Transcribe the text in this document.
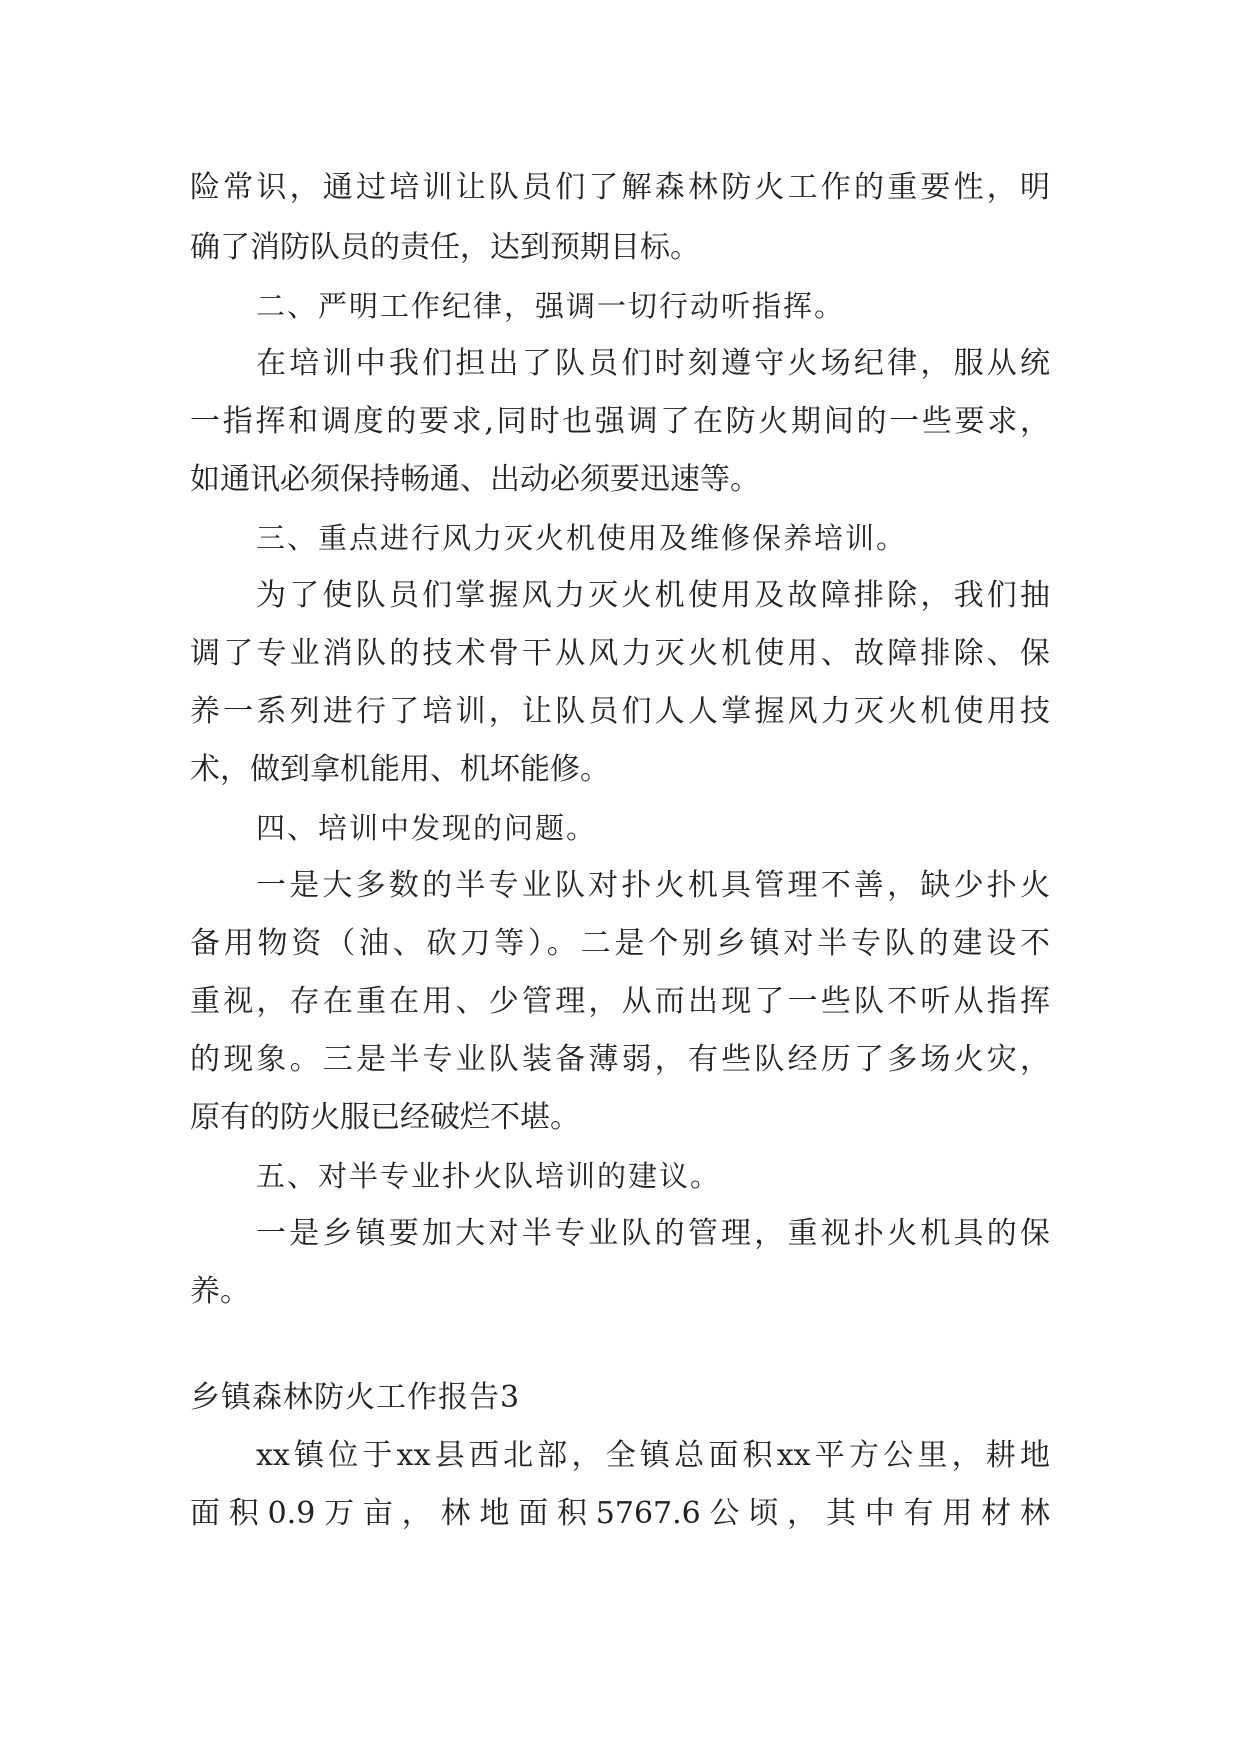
险常识，通过培训让队员们了解森林防火工作的重要性，明
确了消防队员的责任，达到预期目标。
二、严明工作纪律，强调一切行动听指挥。
在培训中我们担出了队员们时刻遵守火场纪律，服从统
一指挥和调度的要求,同时也强调了在防火期间的一些要求，
如通讯必须保持畅通、出动必须要迅速等。
三、重点进行风力灭火机使用及维修保养培训。
为了使队员们掌握风力灭火机使用及故障排除，我们抽
调了专业消队的技术骨干从风力灭火机使用、故障排除、保
养一系列进行了培训，让队员们人人掌握风力灭火机使用技
术，做到拿机能用、机坏能修。
四、培训中发现的问题。
一是大多数的半专业队对扑火机具管理不善，缺少扑火
备用物资（油、砍刀等）。二是个别乡镇对半专队的建设不
重视，存在重在用、少管理，从而出现了一些队不听从指挥
的现象。三是半专业队装备薄弱，有些队经历了多场火灾，
原有的防火服已经破烂不堪。
五、对半专业扑火队培训的建议。
一是乡镇要加大对半专业队的管理，重视扑火机具的保
养。
乡镇森林防火工作报告3
xx镇位于xx县西北部，全镇总面积xx平方公里，耕地
面积0.9万亩，林地面积5767.6公顷，其中有用材林
